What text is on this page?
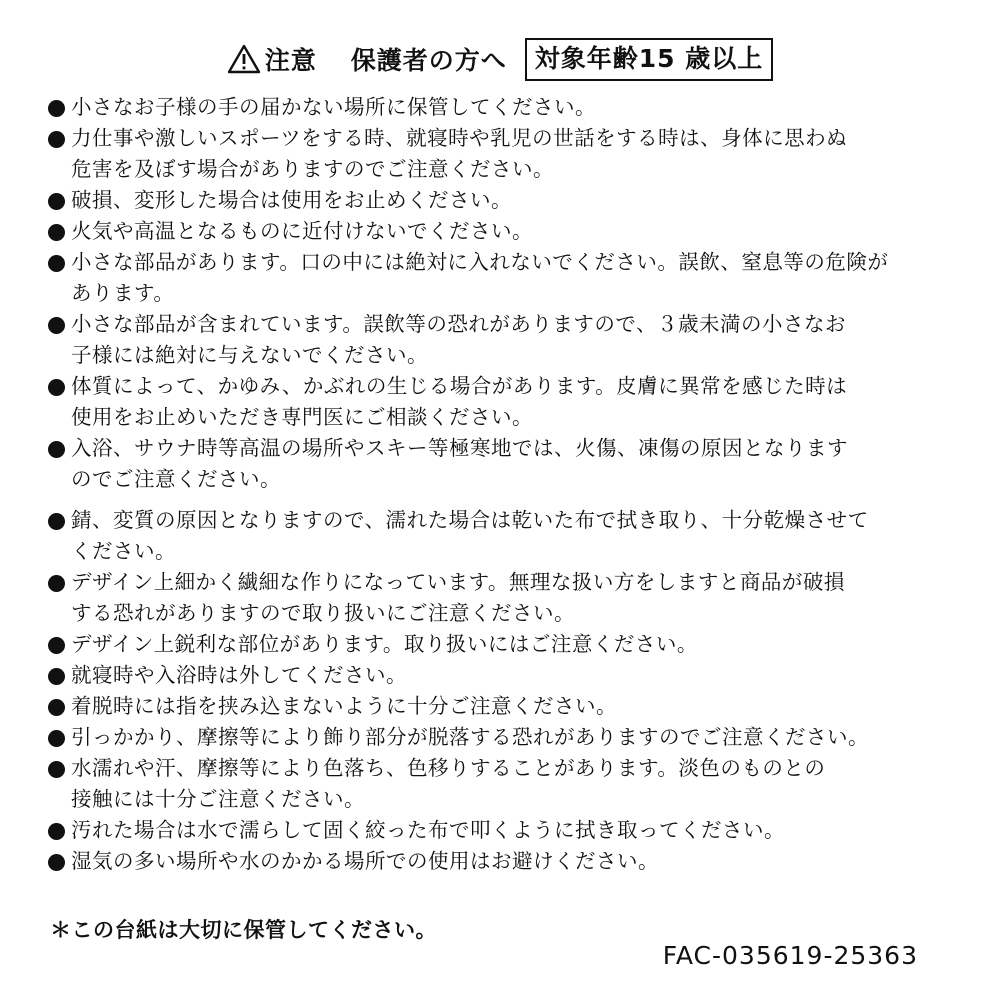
注意 保護者の方へ	対象年齢15 歳以上
小さなお子様の手の届かない場所に保管してください。
力仕事や激しいスポーツをする時、就寝時や乳児の世話をする時は、身体に思わぬ
危害を及ぼす場合がありますのでご注意ください。
破損、変形した場合は使用をお止めください。
火気や高温となるものに近付けないでください。
小さな部品があります。口の中には絶対に入れないでください。誤飲、窒息等の危険が
あります。
小さな部品が含まれています。誤飲等の恐れがありますので、３歳未満の小さなお
子様には絶対に与えないでください。
体質によって、かゆみ、かぶれの生じる場合があります。皮膚に異常を感じた時は
使用をお止めいただき専門医にご相談ください。
入浴、サウナ時等高温の場所やスキー等極寒地では、火傷、凍傷の原因となります
のでご注意ください。
錆、変質の原因となりますので、濡れた場合は乾いた布で拭き取り、十分乾燥させて
ください。
デザイン上細かく繊細な作りになっています。無理な扱い方をしますと商品が破損
する恐れがありますので取り扱いにご注意ください。
デザイン上鋭利な部位があります。取り扱いにはご注意ください。
就寝時や入浴時は外してください。
着脱時には指を挟み込まないように十分ご注意ください。
引っかかり、摩擦等により飾り部分が脱落する恐れがありますのでご注意ください。
水濡れや汗、摩擦等により色落ち、色移りすることがあります。淡色のものとの
接触には十分ご注意ください。
汚れた場合は水で濡らして固く絞った布で叩くように拭き取ってください。
湿気の多い場所や水のかかる場所での使用はお避けください。
＊この台紙は大切に保管してください。
FAC-035619-25363
